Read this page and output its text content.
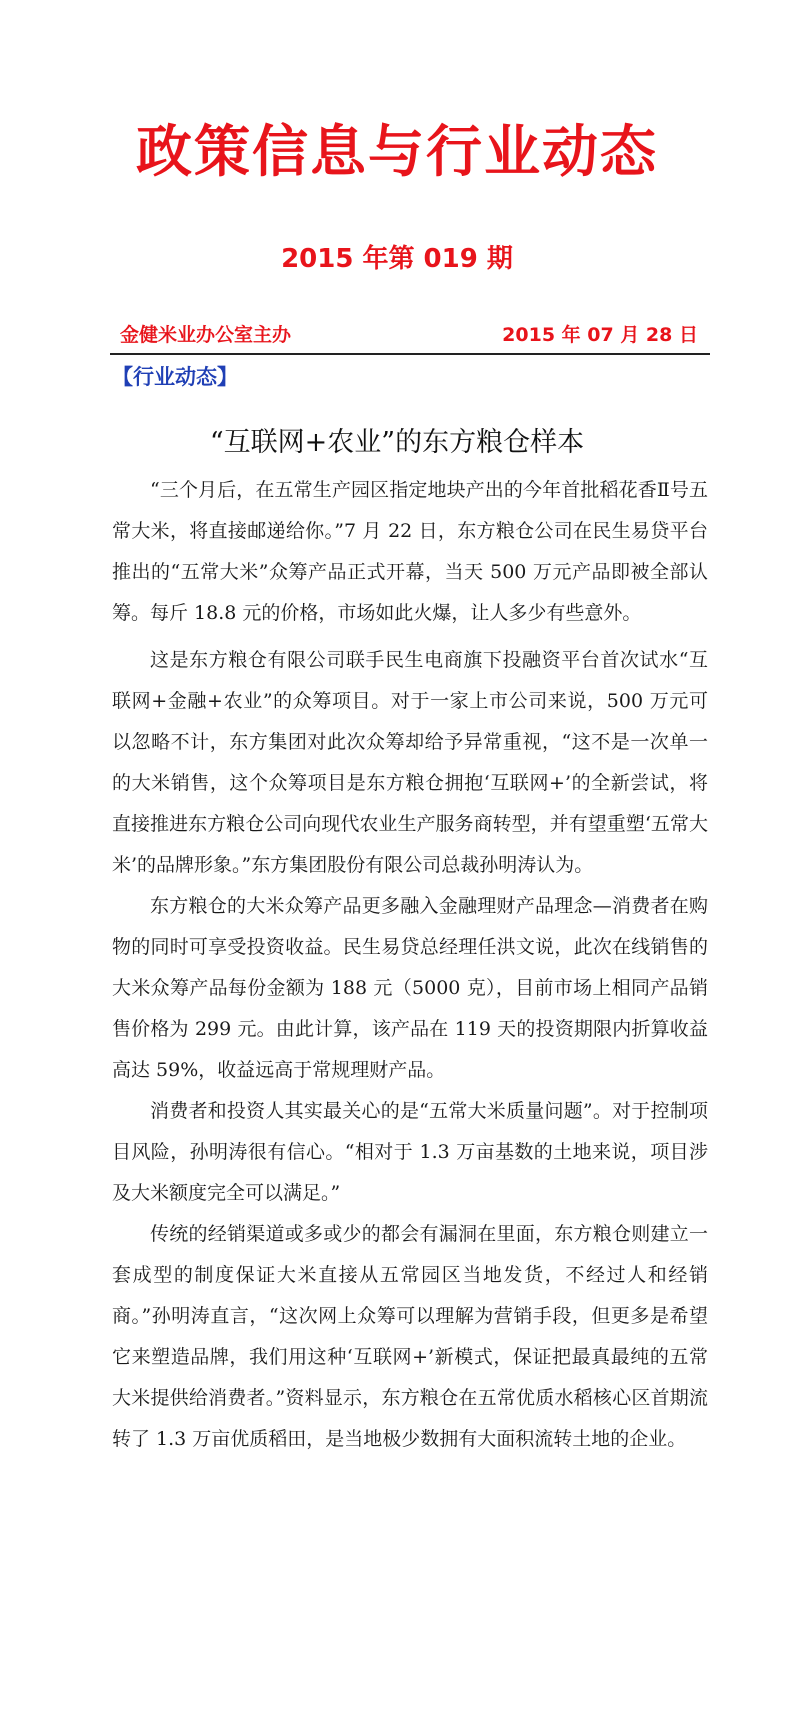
政策信息与行业动态
2015 年第 019 期
金健米业办公室主办	2015 年 07 月 28 日
【行业动态】
“互联网+农业”的东方粮仓样本

“三个月后，在五常生产园区指定地块产出的今年首批稻花香Ⅱ号五常大米，将直接邮递给你。”7 月 22 日，东方粮仓公司在民生易贷平台推出的“五常大米”众筹产品正式开幕，当天 500 万元产品即被全部认筹。每斤 18.8 元的价格，市场如此火爆，让人多少有些意外。

这是东方粮仓有限公司联手民生电商旗下投融资平台首次试水“互联网+金融+农业”的众筹项目。对于一家上市公司来说，500 万元可以忽略不计，东方集团对此次众筹却给予异常重视，“这不是一次单一的大米销售，这个众筹项目是东方粮仓拥抱‘互联网+’的全新尝试，将直接推进东方粮仓公司向现代农业生产服务商转型，并有望重塑‘五常大米’的品牌形象。”东方集团股份有限公司总裁孙明涛认为。

东方粮仓的大米众筹产品更多融入金融理财产品理念—消费者在购物的同时可享受投资收益。民生易贷总经理任洪文说，此次在线销售的大米众筹产品每份金额为 188 元（5000 克），目前市场上相同产品销售价格为 299 元。由此计算，该产品在 119 天的投资期限内折算收益高达 59%，收益远高于常规理财产品。

消费者和投资人其实最关心的是“五常大米质量问题”。对于控制项目风险，孙明涛很有信心。“相对于 1.3 万亩基数的土地来说，项目涉及大米额度完全可以满足。”

传统的经销渠道或多或少的都会有漏洞在里面，东方粮仓则建立一套成型的制度保证大米直接从五常园区当地发货，不经过人和经销商。”孙明涛直言，“这次网上众筹可以理解为营销手段，但更多是希望它来塑造品牌，我们用这种‘互联网+’新模式，保证把最真最纯的五常大米提供给消费者。”资料显示，东方粮仓在五常优质水稻核心区首期流转了 1.3 万亩优质稻田，是当地极少数拥有大面积流转土地的企业。
